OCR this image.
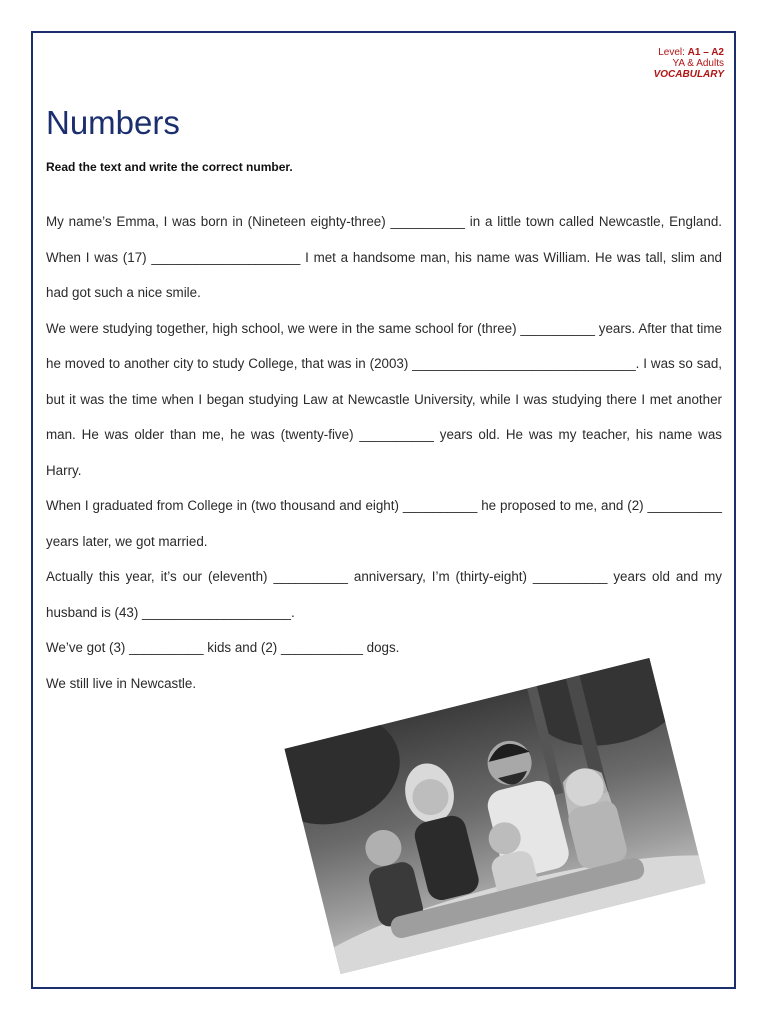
Level: A1 – A2
YA & Adults
VOCABULARY
Numbers

Read the text and write the correct number.

My name’s Emma, I was born in (Nineteen eighty-three) __________ in a little town called Newcastle, England. When I was (17) ____________________ I met a handsome man, his name was William. He was tall, slim and had got such a nice smile.

We were studying together, high school, we were in the same school for (three) __________ years. After that time he moved to another city to study College, that was in (2003) ______________________________. I was so sad, but it was the time when I began studying Law at Newcastle University, while I was studying there I met another man. He was older than me, he was (twenty-five) __________ years old. He was my teacher, his name was Harry.

When I graduated from College in (two thousand and eight) __________ he proposed to me, and (2) __________ years later, we got married.

Actually this year, it’s our (eleventh) __________ anniversary, I’m (thirty-eight) __________ years old and my husband is (43) ____________________.

We’ve got (3) __________ kids and (2) ___________ dogs.

We still live in Newcastle.
